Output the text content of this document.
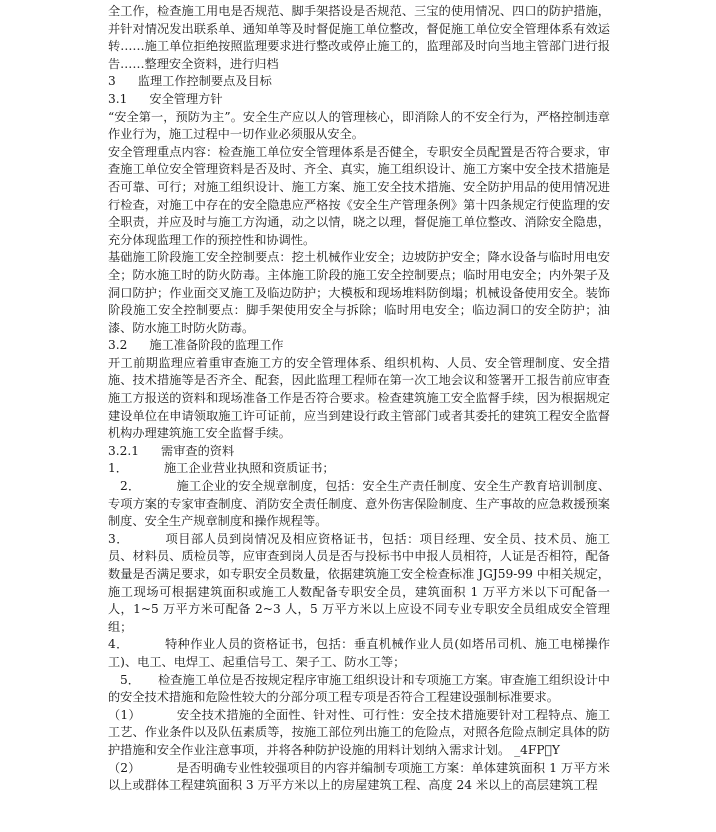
全工作，检查施工用电是否规范、脚手架搭设是否规范、三宝的使用情况、四口的防护措施，并针对情况发出联系单、通知单等及时督促施工单位整改，督促施工单位安全管理体系有效运转……施工单位拒绝按照监理要求进行整改或停止施工的，监理部及时向当地主管部门进行报告……整理安全资料，进行归档

3 监理工作控制要点及目标

3.1 安全管理方针

“安全第一，预防为主”。安全生产应以人的管理核心，即消除人的不安全行为，严格控制违章作业行为，施工过程中一切作业必须服从安全。

安全管理重点内容：检查施工单位安全管理体系是否健全，专职安全员配置是否符合要求，审查施工单位安全管理资料是否及时、齐全、真实，施工组织设计、施工方案中安全技术措施是否可靠、可行；对施工组织设计、施工方案、施工安全技术措施、安全防护用品的使用情况进行检查，对施工中存在的安全隐患应严格按《安全生产管理条例》第十四条规定行使监理的安全职责，并应及时与施工方沟通，动之以情，晓之以理，督促施工单位整改、消除安全隐患，充分体现监理工作的预控性和协调性。

基础施工阶段施工安全控制要点：挖土机械作业安全；边坡防护安全；降水设备与临时用电安全；防水施工时的防火防毒。主体施工阶段的施工安全控制要点；临时用电安全；内外架子及洞口防护；作业面交叉施工及临边防护；大模板和现场堆料防倒塌；机械设备使用安全。装饰阶段施工安全控制要点：脚手架使用安全与拆除；临时用电安全；临边洞口的安全防护；油漆、防水施工时防火防毒。

3.2 施工准备阶段的监理工作

开工前期监理应着重审查施工方的安全管理体系、组织机构、人员、安全管理制度、安全措施、技术措施等是否齐全、配套，因此监理工程师在第一次工地会议和签署开工报告前应审查施工方报送的资料和现场准备工作是否符合要求。检查建筑施工安全监督手续，因为根据规定建设单位在申请领取施工许可证前，应当到建设行政主管部门或者其委托的建筑工程安全监督机构办理建筑施工安全监督手续。

3.2.1 需审查的资料

1．	施工企业营业执照和资质证书；

2．	施工企业的安全规章制度，包括：安全生产责任制度、安全生产教育培训制度、专项方案的专家审查制度、消防安全责任制度、意外伤害保险制度、生产事故的应急救援预案制度、安全生产规章制度和操作规程等。

3．	项目部人员到岗情况及相应资格证书，包括：项目经理、安全员、技术员、施工员、材料员、质检员等，应审查到岗人员是否与投标书中申报人员相符，人证是否相符，配备数量是否满足要求，如专职安全员数量，依据建筑施工安全检查标准 JGJ59-99 中相关规定，施工现场可根据建筑面积或施工人数配备专职安全员，建筑面积 1 万平方米以下可配备一人，1~5 万平方米可配备 2~3 人，5 万平方米以上应设不同专业专职安全员组成安全管理组；

4．	特种作业人员的资格证书，包括：垂直机械作业人员(如塔吊司机、施工电梯操作工)、电工、电焊工、起重信号工、架子工、防水工等；

5． 检查施工单位是否按规定程序审施工组织设计和专项施工方案。审查施工组织设计中的安全技术措施和危险性较大的分部分项工程专项是否符合工程建设强制标准要求。

（1）	安全技术措施的全面性、针对性、可行性：安全技术措施要针对工程特点、施工工艺、作业条件以及队伍素质等，按施工部位列出施工的危险点，对照各危险点制定具体的防护措施和安全作业注意事项，并将各种防护设施的用料计划纳入需求计划。 _4FP Y

（2）	是否明确专业性较强项目的内容并编制专项施工方案：单体建筑面积 1 万平方米以上或群体工程建筑面积 3 万平方米以上的房屋建筑工程、高度 24 米以上的高层建筑工程
